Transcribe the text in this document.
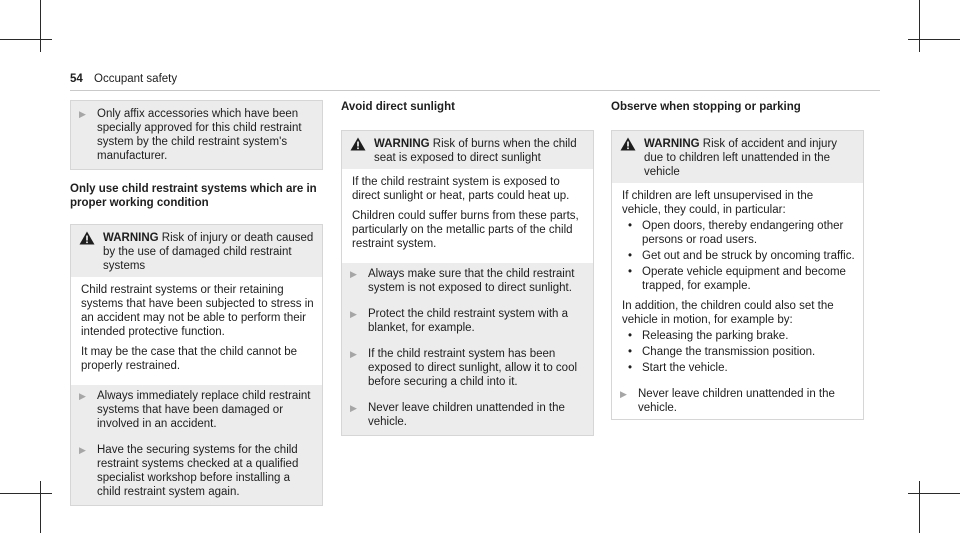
54 Occupant safety
▶ Only affix accessories which have been specially approved for this child restraint system by the child restraint system's manufacturer.
Only use child restraint systems which are in proper working condition
WARNING Risk of injury or death caused by the use of damaged child restraint systems

Child restraint systems or their retaining systems that have been subjected to stress in an accident may not be able to perform their intended protective function.

It may be the case that the child cannot be properly restrained.

▶ Always immediately replace child restraint systems that have been damaged or involved in an accident.
▶ Have the securing systems for the child restraint systems checked at a qualified specialist workshop before installing a child restraint system again.
Avoid direct sunlight
WARNING Risk of burns when the child seat is exposed to direct sunlight

If the child restraint system is exposed to direct sunlight or heat, parts could heat up.

Children could suffer burns from these parts, particularly on the metallic parts of the child restraint system.

▶ Always make sure that the child restraint system is not exposed to direct sunlight.
▶ Protect the child restraint system with a blanket, for example.
▶ If the child restraint system has been exposed to direct sunlight, allow it to cool before securing a child into it.
▶ Never leave children unattended in the vehicle.
Observe when stopping or parking
WARNING Risk of accident and injury due to children left unattended in the vehicle

If children are left unsupervised in the vehicle, they could, in particular:

• Open doors, thereby endangering other persons or road users.
• Get out and be struck by oncoming traffic.
• Operate vehicle equipment and become trapped, for example.

In addition, the children could also set the vehicle in motion, for example by:

• Releasing the parking brake.
• Change the transmission position.
• Start the vehicle.
▶ Never leave children unattended in the vehicle.
